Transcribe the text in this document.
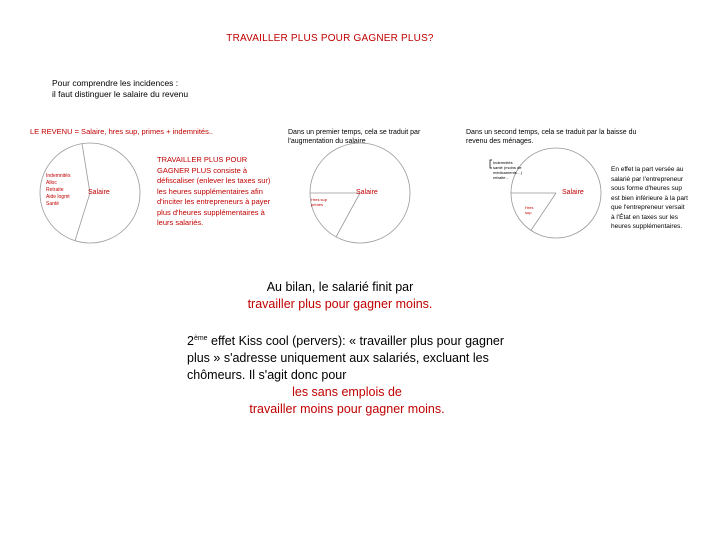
TRAVAILLER PLUS POUR GAGNER PLUS?
Pour comprendre les incidences :
il faut distinguer le salaire du revenu
LE REVENU = Salaire, hres sup, primes + indemnités..	Dans un premier temps, cela se traduit par l'augmentation du salaire
Dans un second temps, cela se traduit par la baisse du revenu des ménages.
Indemnités
Alloc
Retraite
Aide logmt
Santé
Salaire
TRAVAILLER PLUS POUR GAGNER PLUS consiste à défiscaliser (enlever les taxes sur) les heures supplémentaires afin d'inciter les entrepreneurs à payer plus d'heures supplémentaires à leurs salariés.
Hres sup
primes
Salaire
Indemnités
santé (moins de
médicaments…)
retraite…
Hres
sup
Salaire
En effet la part versée au salarié par l'entrepreneur sous forme d'heures sup est bien inférieure à la part que l'entrepreneur versait à l'État en taxes sur les heures supplémentaires.
Au bilan, le salarié finit par
travailler plus pour gagner moins.
2ème effet Kiss cool (pervers): « travailler plus pour gagner plus » s'adresse uniquement aux salariés, excluant les chômeurs. Il s'agit donc pour
les sans emplois de
travailler moins pour gagner moins.
